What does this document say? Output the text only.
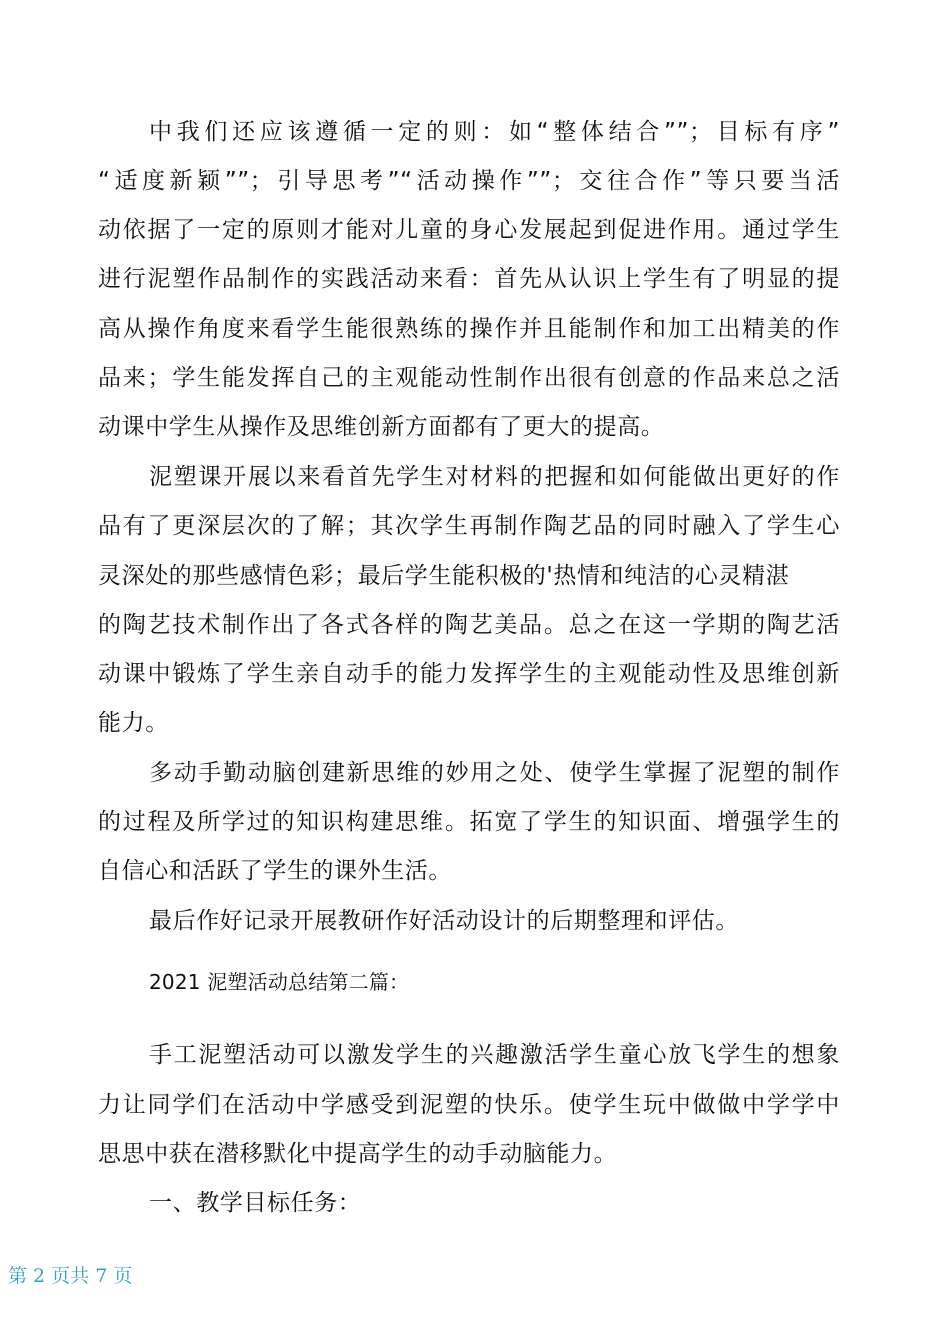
中我们还应该遵循一定的则：如“整体结合””；目标有序”
“适度新颖””；引导思考”“活动操作””；交往合作”等只要当活
动依据了一定的原则才能对儿童的身心发展起到促进作用。通过学生
进行泥塑作品制作的实践活动来看：首先从认识上学生有了明显的提
高从操作角度来看学生能很熟练的操作并且能制作和加工出精美的作
品来；学生能发挥自己的主观能动性制作出很有创意的作品来总之活
动课中学生从操作及思维创新方面都有了更大的提高。
泥塑课开展以来看首先学生对材料的把握和如何能做出更好的作
品有了更深层次的了解；其次学生再制作陶艺品的同时融入了学生心
灵深处的那些感情色彩；最后学生能积极的'热情和纯洁的心灵精湛
的陶艺技术制作出了各式各样的陶艺美品。总之在这一学期的陶艺活
动课中锻炼了学生亲自动手的能力发挥学生的主观能动性及思维创新
能力。
多动手勤动脑创建新思维的妙用之处、使学生掌握了泥塑的制作
的过程及所学过的知识构建思维。拓宽了学生的知识面、增强学生的
自信心和活跃了学生的课外生活。
最后作好记录开展教研作好活动设计的后期整理和评估。
2021 泥塑活动总结第二篇：
手工泥塑活动可以激发学生的兴趣激活学生童心放飞学生的想象
力让同学们在活动中学感受到泥塑的快乐。使学生玩中做做中学学中
思思中获在潜移默化中提高学生的动手动脑能力。
一、教学目标任务：
第 2 页共 7 页
